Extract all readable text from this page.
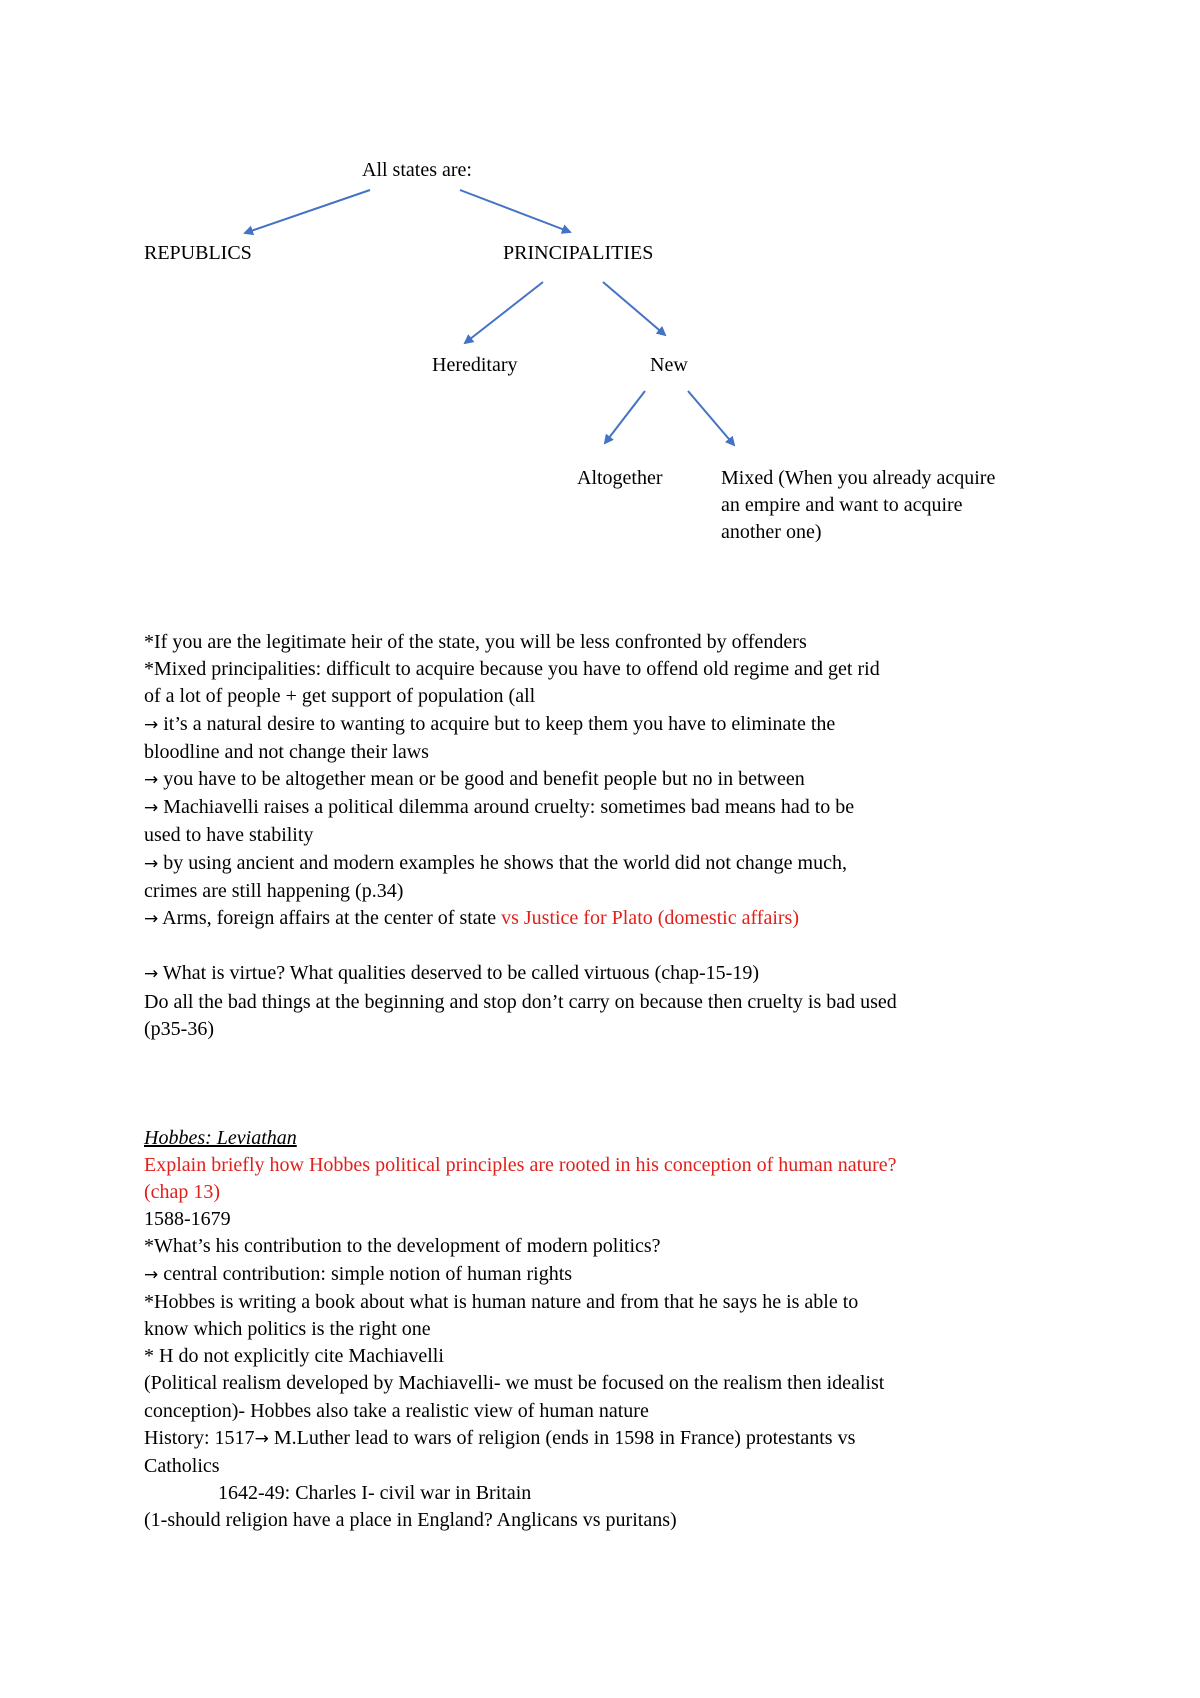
All states are:
REPUBLICS	PRINCIPALITIES
Hereditary	New
Altogether	Mixed (When you already acquire
an empire and want to acquire
another one)
*If you are the legitimate heir of the state, you will be less confronted by offenders
*Mixed principalities: difficult to acquire because you have to offend old regime and get rid
of a lot of people + get support of population (all
→ it’s a natural desire to wanting to acquire but to keep them you have to eliminate the
bloodline and not change their laws
→ you have to be altogether mean or be good and benefit people but no in between
→ Machiavelli raises a political dilemma around cruelty: sometimes bad means had to be
used to have stability
→ by using ancient and modern examples he shows that the world did not change much,
crimes are still happening (p.34)
→ Arms, foreign affairs at the center of state vs Justice for Plato (domestic affairs)
→ What is virtue? What qualities deserved to be called virtuous (chap-15-19)
Do all the bad things at the beginning and stop don’t carry on because then cruelty is bad used
(p35-36)
Hobbes: Leviathan
Explain briefly how Hobbes political principles are rooted in his conception of human nature?
(chap 13)
1588-1679
*What’s his contribution to the development of modern politics?
→ central contribution: simple notion of human rights
*Hobbes is writing a book about what is human nature and from that he says he is able to
know which politics is the right one
* H do not explicitly cite Machiavelli
(Political realism developed by Machiavelli- we must be focused on the realism then idealist
conception)- Hobbes also take a realistic view of human nature
History: 1517→ M.Luther lead to wars of religion (ends in 1598 in France) protestants vs
Catholics
1642-49: Charles I- civil war in Britain
(1-should religion have a place in England? Anglicans vs puritans)
